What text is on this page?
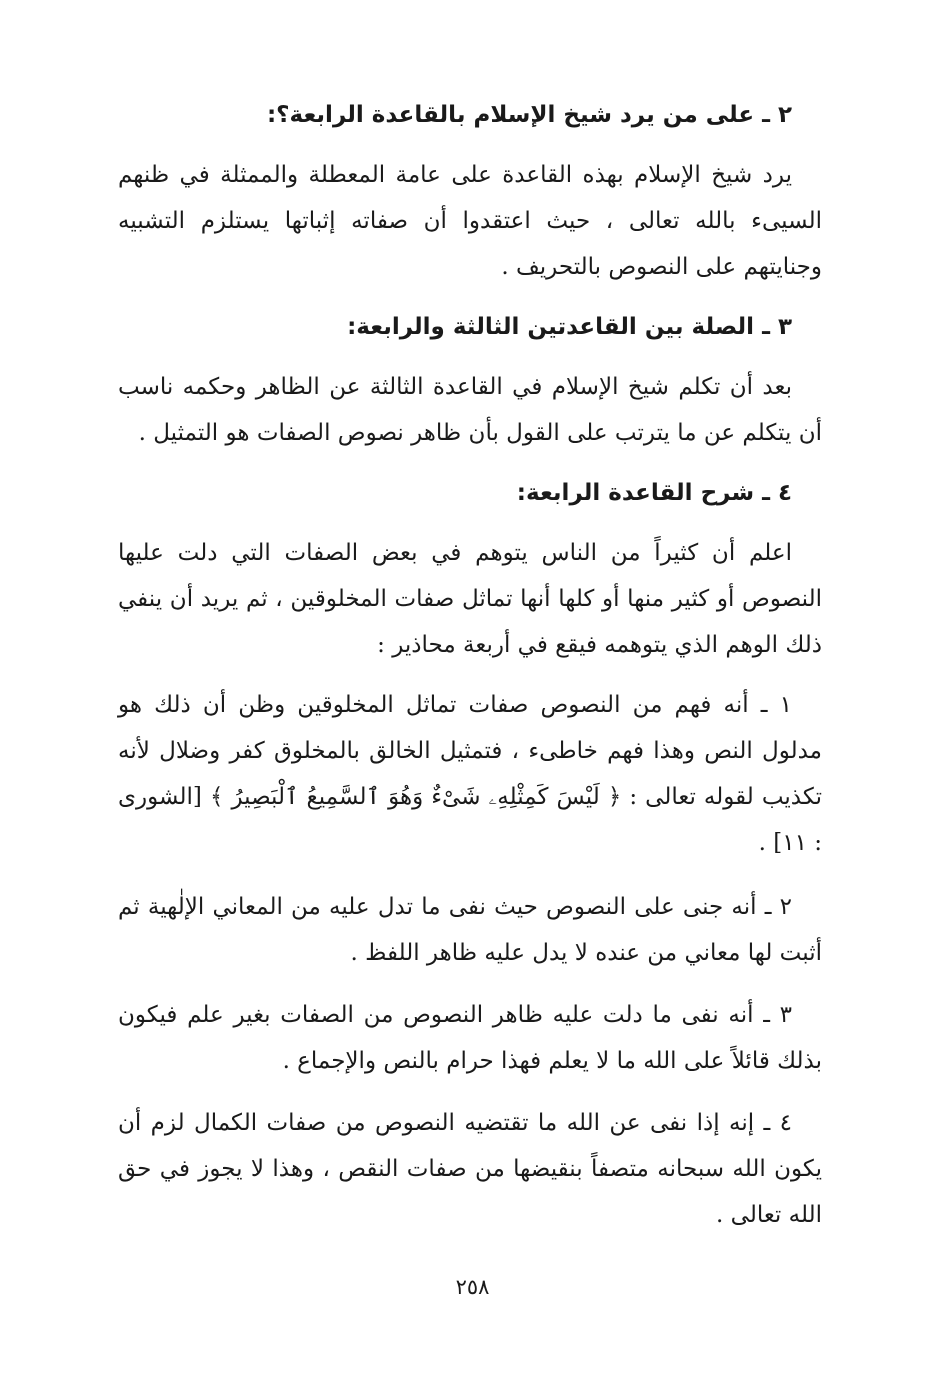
٢ ـ على من يرد شيخ الإسلام بالقاعدة الرابعة؟:

يرد شيخ الإسلام بهذه القاعدة على عامة المعطلة والممثلة في ظنهم السيىء بالله تعالى ، حيث اعتقدوا أن صفاته إثباتها يستلزم التشبيه وجنايتهم على النصوص بالتحريف .

٣ ـ الصلة بين القاعدتين الثالثة والرابعة:

بعد أن تكلم شيخ الإسلام في القاعدة الثالثة عن الظاهر وحكمه ناسب أن يتكلم عن ما يترتب على القول بأن ظاهر نصوص الصفات هو التمثيل .

٤ ـ شرح القاعدة الرابعة:

اعلم أن كثيراً من الناس يتوهم في بعض الصفات التي دلت عليها النصوص أو كثير منها أو كلها أنها تماثل صفات المخلوقين ، ثم يريد أن ينفي ذلك الوهم الذي يتوهمه فيقع في أربعة محاذير :

١ ـ أنه فهم من النصوص صفات تماثل المخلوقين وظن أن ذلك هو مدلول النص وهذا فهم خاطىء ، فتمثيل الخالق بالمخلوق كفر وضلال لأنه تكذيب لقوله تعالى : ﴿ لَيْسَ كَمِثْلِهِۦ شَىْءٌ وَهُوَ ٱلسَّمِيعُ ٱلْبَصِيرُ ﴾ [الشورى : ١١] .

٢ ـ أنه جنى على النصوص حيث نفى ما تدل عليه من المعاني الإلٰهية ثم أثبت لها معاني من عنده لا يدل عليه ظاهر اللفظ .

٣ ـ أنه نفى ما دلت عليه ظاهر النصوص من الصفات بغير علم فيكون بذلك قائلاً على الله ما لا يعلم فهذا حرام بالنص والإجماع .

٤ ـ إنه إذا نفى عن الله ما تقتضيه النصوص من صفات الكمال لزم أن يكون الله سبحانه متصفاً بنقيضها من صفات النقص ، وهذا لا يجوز في حق الله تعالى .

٢٥٨
